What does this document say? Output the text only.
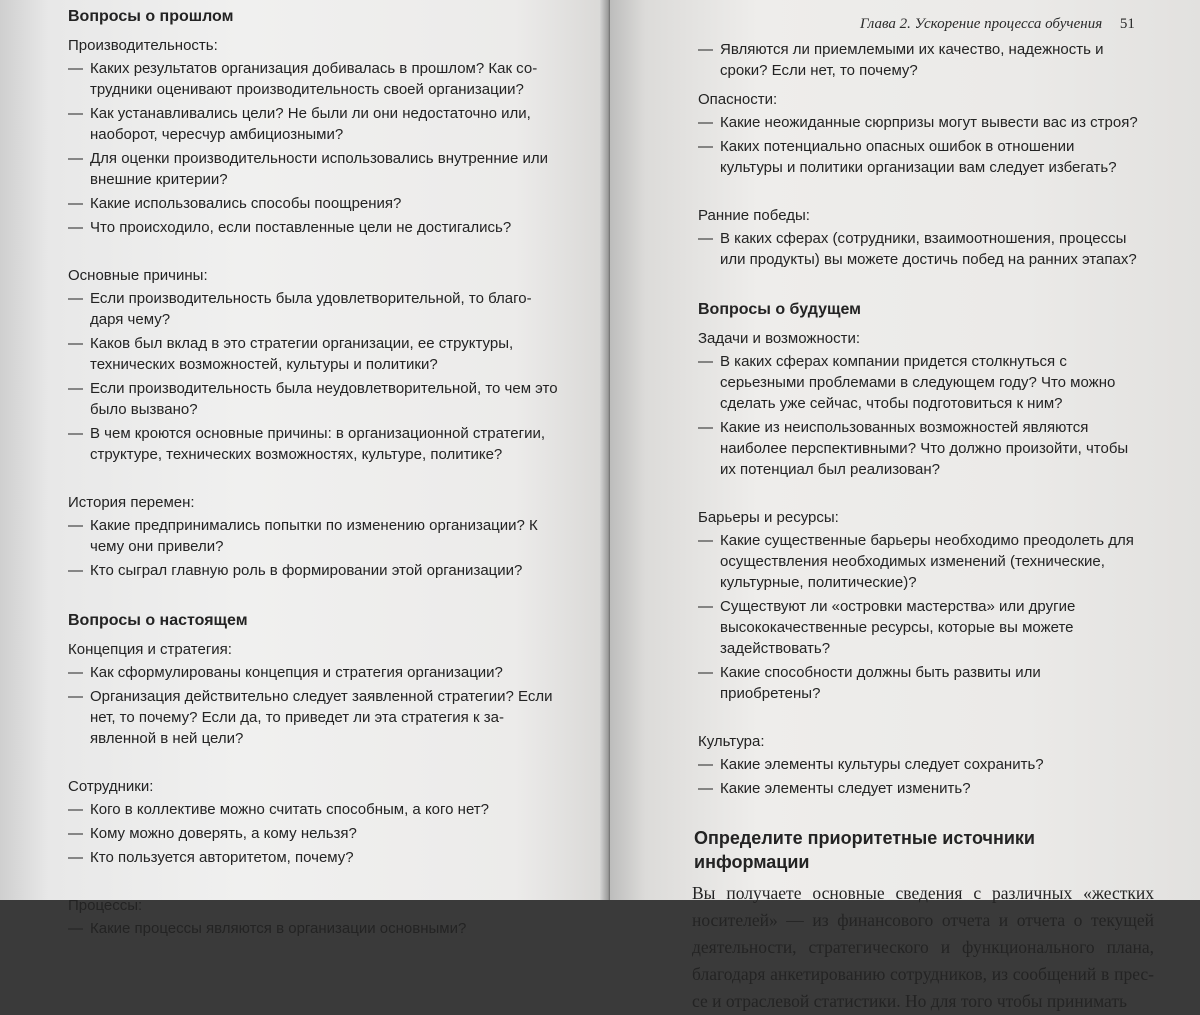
Вопросы о прошлом
Производительность:
— Каких результатов организация добивалась в прошлом? Как сотрудники оценивают производительность своей организации?
— Как устанавливались цели? Не были ли они недостаточно или, наоборот, чересчур амбициозными?
— Для оценки производительности использовались внутренние или внешние критерии?
— Какие использовались способы поощрения?
— Что происходило, если поставленные цели не достигались?
Основные причины:
— Если производительность была удовлетворительной, то благодаря чему?
— Каков был вклад в это стратегии организации, ее структуры, технических возможностей, культуры и политики?
— Если производительность была неудовлетворительной, то чем это было вызвано?
— В чем кроются основные причины: в организационной стратегии, структуре, технических возможностях, культуре, политике?
История перемен:
— Какие предпринимались попытки по изменению организации? К чему они привели?
— Кто сыграл главную роль в формировании этой организации?
Вопросы о настоящем
Концепция и стратегия:
— Как сформулированы концепция и стратегия организации?
— Организация действительно следует заявленной стратегии? Если нет, то почему? Если да, то приведет ли эта стратегия к заявленной в ней цели?
Сотрудники:
— Кого в коллективе можно считать способным, а кого нет?
— Кому можно доверять, а кому нельзя?
— Кто пользуется авторитетом, почему?
Процессы:
— Какие процессы являются в организации основными?
Глава 2. Ускорение процесса обучения 51
— Являются ли приемлемыми их качество, надежность и сроки? Если нет, то почему?
Опасности:
— Какие неожиданные сюрпризы могут вывести вас из строя?
— Каких потенциально опасных ошибок в отношении культуры и политики организации вам следует избегать?
Ранние победы:
— В каких сферах (сотрудники, взаимоотношения, процессы или продукты) вы можете достичь побед на ранних этапах?
Вопросы о будущем
Задачи и возможности:
— В каких сферах компании придется столкнуться с серьезными проблемами в следующем году? Что можно сделать уже сейчас, чтобы подготовиться к ним?
— Какие из неиспользованных возможностей являются наиболее перспективными? Что должно произойти, чтобы их потенциал был реализован?
Барьеры и ресурсы:
— Какие существенные барьеры необходимо преодолеть для осуществления необходимых изменений (технические, культурные, политические)?
— Существуют ли «островки мастерства» или другие высококачественные ресурсы, которые вы можете задействовать?
— Какие способности должны быть развиты или приобретены?
Культура:
— Какие элементы культуры следует сохранить?
— Какие элементы следует изменить?
Определите приоритетные источники информации
Вы получаете основные сведения с различных «жестких носителей» — из финансового отчета и отчета о текущей деятельности, стратегического и функционального плана, благодаря анкетированию сотрудников, из сообщений в прессе и отраслевой статистики. Но для того чтобы принимать
